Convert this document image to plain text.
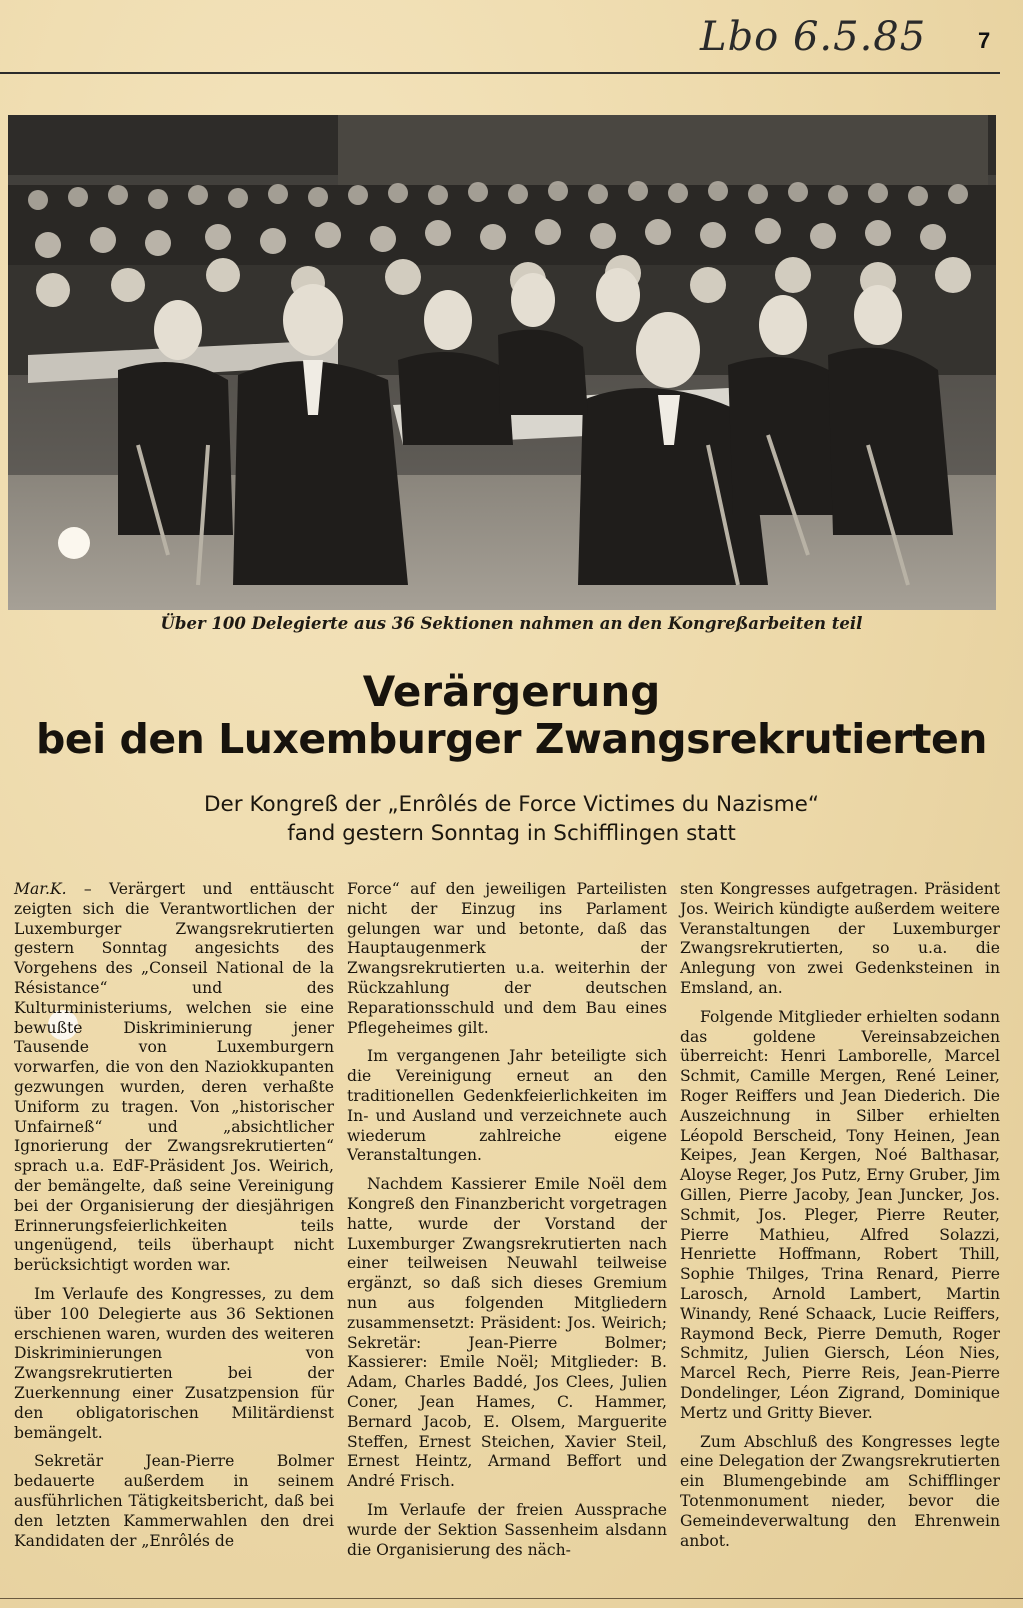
Lbo 6.5.85	7
Über 100 Delegierte aus 36 Sektionen nahmen an den Kongreßarbeiten teil
Verärgerung
bei den Luxemburger Zwangsrekrutierten
Der Kongreß der „Enrôlés de Force Victimes du Nazisme“
fand gestern Sonntag in Schifflingen statt

Mar.K. – Verärgert und enttäuscht zeigten sich die Verantwortlichen der Luxemburger Zwangsrekrutierten gestern Sonntag angesichts des Vorgehens des „Conseil National de la Résistance“ und des Kulturministeriums, welchen sie eine bewußte Diskriminierung jener Tausende von Luxemburgern vorwarfen, die von den Naziokkupanten gezwungen wurden, deren verhaßte Uniform zu tragen. Von „historischer Unfairneß“ und „absichtlicher Ignorierung der Zwangsrekrutierten“ sprach u.a. EdF-Präsident Jos. Weirich, der bemängelte, daß seine Vereinigung bei der Organisierung der diesjährigen Erinnerungsfeierlichkeiten teils ungenügend, teils überhaupt nicht berücksichtigt worden war.

Im Verlaufe des Kongresses, zu dem über 100 Delegierte aus 36 Sektionen erschienen waren, wurden des weiteren Diskriminierungen von Zwangsrekrutierten bei der Zuerkennung einer Zusatzpension für den obligatorischen Militärdienst bemängelt.

Sekretär Jean-Pierre Bolmer bedauerte außerdem in seinem ausführlichen Tätigkeitsbericht, daß bei den letzten Kammerwahlen den drei Kandidaten der „Enrôlés de

Force“ auf den jeweiligen Parteilisten nicht der Einzug ins Parlament gelungen war und betonte, daß das Hauptaugenmerk der Zwangsrekrutierten u.a. weiterhin der Rückzahlung der deutschen Reparationsschuld und dem Bau eines Pflegeheimes gilt.

Im vergangenen Jahr beteiligte sich die Vereinigung erneut an den traditionellen Gedenkfeierlichkeiten im In- und Ausland und verzeichnete auch wiederum zahlreiche eigene Veranstaltungen.

Nachdem Kassierer Emile Noël dem Kongreß den Finanzbericht vorgetragen hatte, wurde der Vorstand der Luxemburger Zwangsrekrutierten nach einer teilweisen Neuwahl teilweise ergänzt, so daß sich dieses Gremium nun aus folgenden Mitgliedern zusammensetzt: Präsident: Jos. Weirich; Sekretär: Jean-Pierre Bolmer; Kassierer: Emile Noël; Mitglieder: B. Adam, Charles Baddé, Jos Clees, Julien Coner, Jean Hames, C. Hammer, Bernard Jacob, E. Olsem, Marguerite Steffen, Ernest Steichen, Xavier Steil, Ernest Heintz, Armand Beffort und André Frisch.

Im Verlaufe der freien Aussprache wurde der Sektion Sassenheim alsdann die Organisierung des näch-

sten Kongresses aufgetragen. Präsident Jos. Weirich kündigte außerdem weitere Veranstaltungen der Luxemburger Zwangsrekrutierten, so u.a. die Anlegung von zwei Gedenksteinen in Emsland, an.

Folgende Mitglieder erhielten sodann das goldene Vereinsabzeichen überreicht: Henri Lamborelle, Marcel Schmit, Camille Mergen, René Leiner, Roger Reiffers und Jean Diederich. Die Auszeichnung in Silber erhielten Léopold Berscheid, Tony Heinen, Jean Keipes, Jean Kergen, Noé Balthasar, Aloyse Reger, Jos Putz, Erny Gruber, Jim Gillen, Pierre Jacoby, Jean Juncker, Jos. Schmit, Jos. Pleger, Pierre Reuter, Pierre Mathieu, Alfred Solazzi, Henriette Hoffmann, Robert Thill, Sophie Thilges, Trina Renard, Pierre Larosch, Arnold Lambert, Martin Winandy, René Schaack, Lucie Reiffers, Raymond Beck, Pierre Demuth, Roger Schmitz, Julien Giersch, Léon Nies, Marcel Rech, Pierre Reis, Jean-Pierre Dondelinger, Léon Zigrand, Dominique Mertz und Gritty Biever.

Zum Abschluß des Kongresses legte eine Delegation der Zwangsrekrutierten ein Blumengebinde am Schifflinger Totenmonument nieder, bevor die Gemeindeverwaltung den Ehrenwein anbot.
